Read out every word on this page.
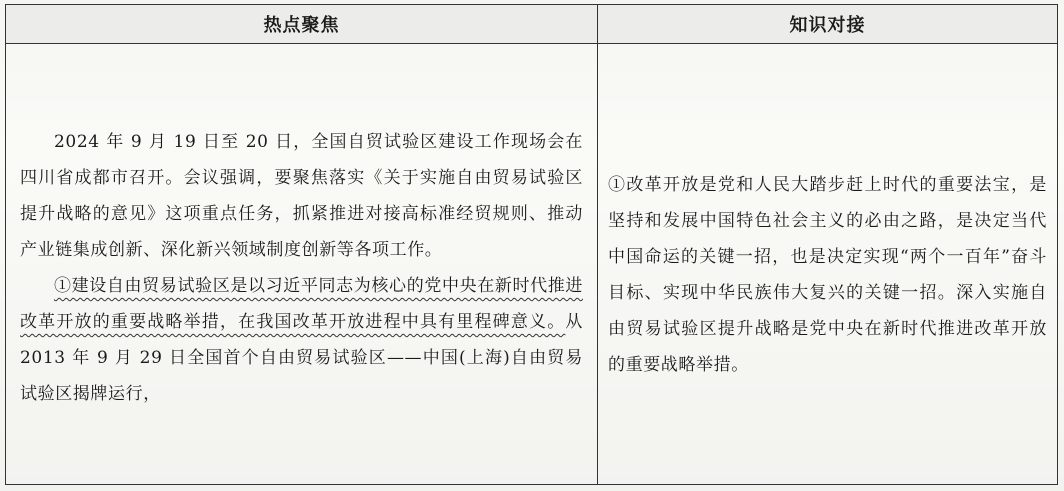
热点聚焦	知识对接

2024 年 9 月 19 日至 20 日，全国自贸试验区建设工作现场会在四川省成都市召开。会议强调，要聚焦落实《关于实施自由贸易试验区提升战略的意见》这项重点任务，抓紧推进对接高标准经贸规则、推动产业链集成创新、深化新兴领域制度创新等各项工作。

①建设自由贸易试验区是以习近平同志为核心的党中央在新时代推进改革开放的重要战略举措，在我国改革开放进程中具有里程碑意义。从 2013 年 9 月 29 日全国首个自由贸易试验区——中国(上海)自由贸易试验区揭牌运行，	①改革开放是党和人民大踏步赶上时代的重要法宝，是坚持和发展中国特色社会主义的必由之路，是决定当代中国命运的关键一招，也是决定实现“两个一百年”奋斗目标、实现中华民族伟大复兴的关键一招。深入实施自由贸易试验区提升战略是党中央在新时代推进改革开放的重要战略举措。
